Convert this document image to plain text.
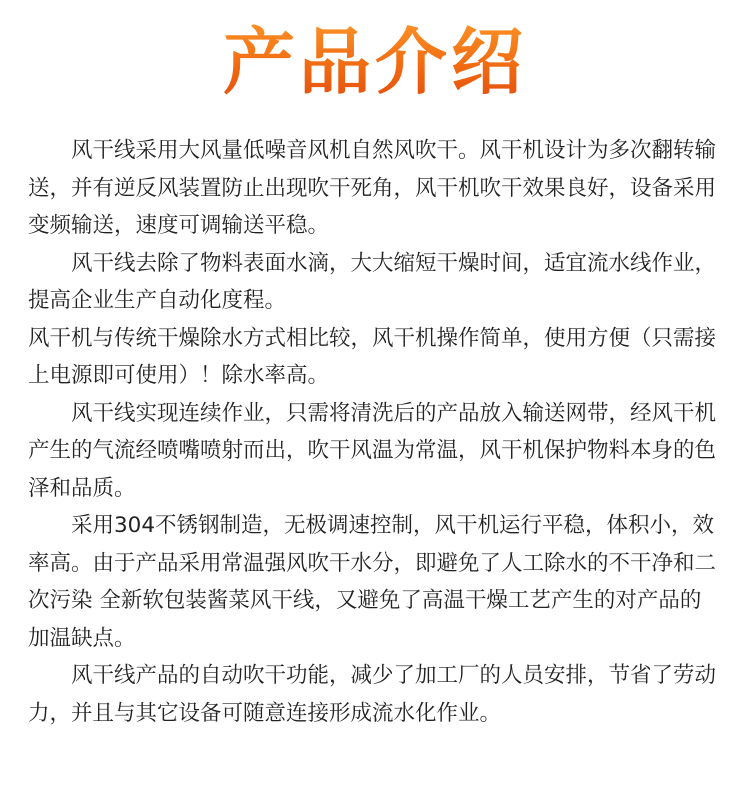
产品介绍

风干线采用大风量低噪音风机自然风吹干。风干机设计为多次翻转输送，并有逆反风装置防止出现吹干死角，风干机吹干效果良好，设备采用变频输送，速度可调输送平稳。

风干线去除了物料表面水滴，大大缩短干燥时间，适宜流水线作业，提高企业生产自动化度程。

风干机与传统干燥除水方式相比较，风干机操作简单，使用方便（只需接上电源即可使用）！除水率高。

风干线实现连续作业，只需将清洗后的产品放入输送网带，经风干机产生的气流经喷嘴喷射而出，吹干风温为常温，风干机保护物料本身的色泽和品质。

采用304不锈钢制造，无极调速控制，风干机运行平稳，体积小，效率高。由于产品采用常温强风吹干水分，即避免了人工除水的不干净和二次污染 全新软包装酱菜风干线，又避免了高温干燥工艺产生的对产品的加温缺点。

风干线产品的自动吹干功能，减少了加工厂的人员安排，节省了劳动力，并且与其它设备可随意连接形成流水化作业。
